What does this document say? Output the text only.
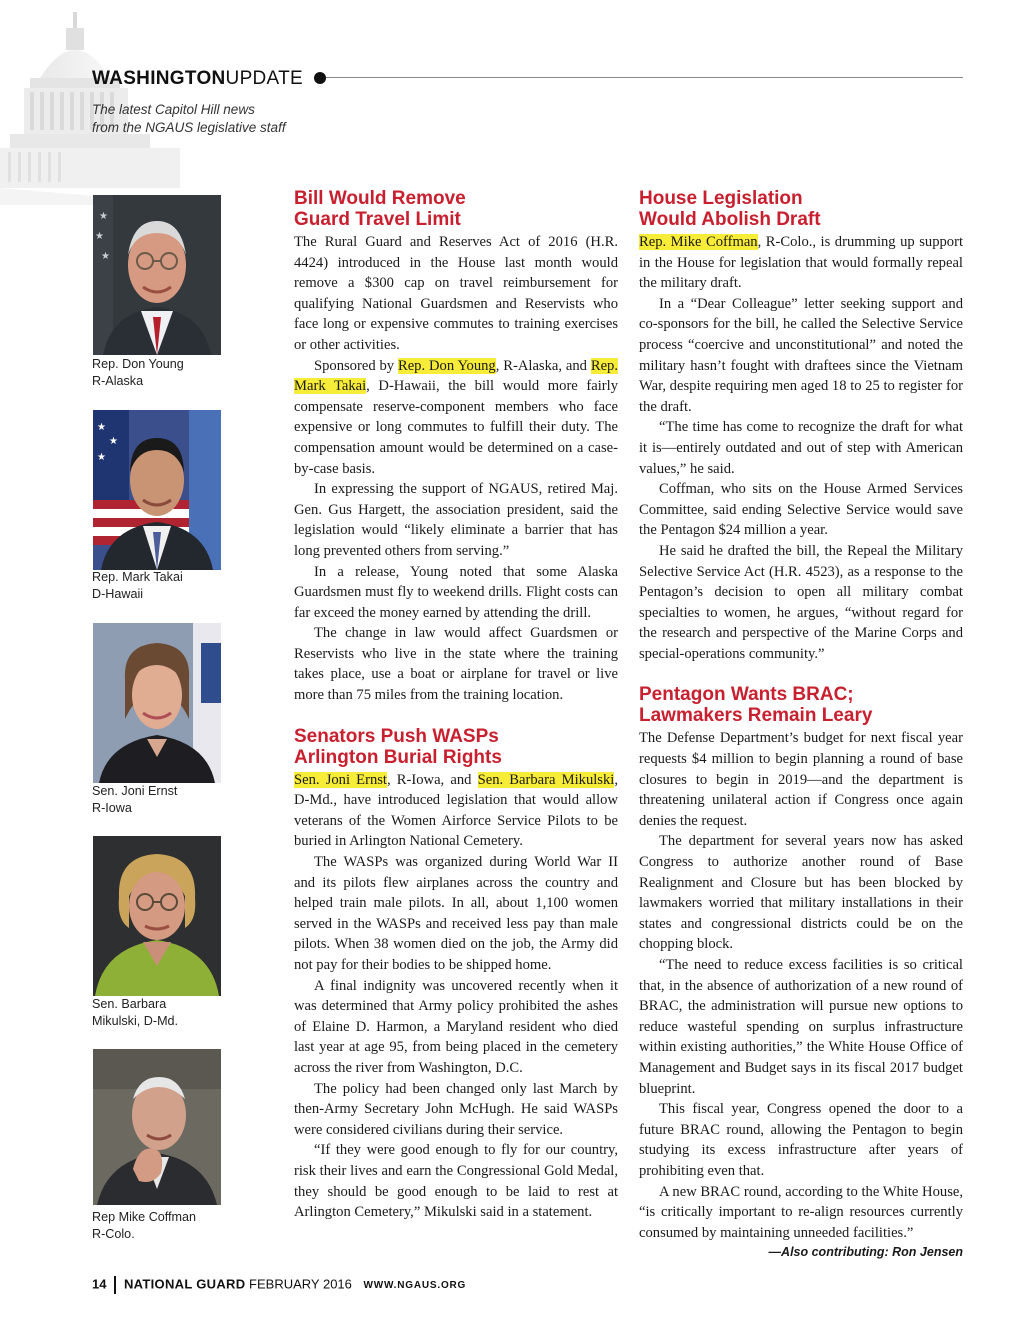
WASHINGTONUPDATE
The latest Capitol Hill news
from the NGAUS legislative staff
★
★
★
Rep. Don Young
R-Alaska
★
★
★
Rep. Mark Takai
D-Hawaii
Sen. Joni Ernst
R-Iowa
Sen. Barbara
Mikulski, D-Md.
Rep Mike Coffman
R-Colo.
Bill Would Remove
Guard Travel Limit

The Rural Guard and Reserves Act of 2016 (H.R. 4424) introduced in the House last month would remove a $300 cap on travel reimbursement for qualifying National Guardsmen and Reservists who face long or expensive commutes to training exercises or other activities.

Sponsored by Rep. Don Young, R-Alaska, and Rep. Mark Takai, D-Hawaii, the bill would more fairly compensate reserve-component members who face expensive or long commutes to fulfill their duty. The compensation amount would be determined on a case-by-case basis.

In expressing the support of NGAUS, retired Maj. Gen. Gus Hargett, the association president, said the legislation would “likely eliminate a barrier that has long prevented others from serving.”

In a release, Young noted that some Alaska Guardsmen must fly to weekend drills. Flight costs can far exceed the money earned by attending the drill.

The change in law would affect Guardsmen or Reservists who live in the state where the training takes place, use a boat or airplane for travel or live more than 75 miles from the training location.

Senators Push WASPs
Arlington Burial Rights

Sen. Joni Ernst, R-Iowa, and Sen. Barbara Mikulski, D-Md., have introduced legislation that would allow veterans of the Women Airforce Service Pilots to be buried in Arlington National Cemetery.

The WASPs was organized during World War II and its pilots flew airplanes across the country and helped train male pilots. In all, about 1,100 women served in the WASPs and received less pay than male pilots. When 38 women died on the job, the Army did not pay for their bodies to be shipped home.

A final indignity was uncovered recently when it was determined that Army policy prohibited the ashes of Elaine D. Harmon, a Maryland resident who died last year at age 95, from being placed in the cemetery across the river from Washington, D.C.

The policy had been changed only last March by then-Army Secretary John McHugh. He said WASPs were considered civilians during their service.

“If they were good enough to fly for our country, risk their lives and earn the Congressional Gold Medal, they should be good enough to be laid to rest at Arlington Cemetery,” Mikulski said in a statement.

House Legislation
Would Abolish Draft

Rep. Mike Coffman, R-Colo., is drumming up support in the House for legislation that would formally repeal the military draft.

In a “Dear Colleague” letter seeking support and co-sponsors for the bill, he called the Selective Service process “coercive and unconstitutional” and noted the military hasn’t fought with draftees since the Vietnam War, despite requiring men aged 18 to 25 to register for the draft.

“The time has come to recognize the draft for what it is—entirely outdated and out of step with American values,” he said.

Coffman, who sits on the House Armed Services Committee, said ending Selective Service would save the Pentagon $24 million a year.

He said he drafted the bill, the Repeal the Military Selective Service Act (H.R. 4523), as a response to the Pentagon’s decision to open all military combat specialties to women, he argues, “without regard for the research and perspective of the Marine Corps and special-operations community.”

Pentagon Wants BRAC;
Lawmakers Remain Leary

The Defense Department’s budget for next fiscal year requests $4 million to begin planning a round of base closures to begin in 2019—and the department is threatening unilateral action if Congress once again denies the request.

The department for several years now has asked Congress to authorize another round of Base Realignment and Closure but has been blocked by lawmakers worried that military installations in their states and congressional districts could be on the chopping block.

“The need to reduce excess facilities is so critical that, in the absence of authorization of a new round of BRAC, the administration will pursue new options to reduce wasteful spending on surplus infrastructure within existing authorities,” the White House Office of Management and Budget says in its fiscal 2017 budget blueprint.

This fiscal year, Congress opened the door to a future BRAC round, allowing the Pentagon to begin studying its excess infrastructure after years of prohibiting even that.

A new BRAC round, according to the White House, “is critically important to re-align resources currently consumed by maintaining unneeded facilities.”

—Also contributing: Ron Jensen
14 NATIONAL GUARD FEBRUARY 2016 WWW.NGAUS.ORG
